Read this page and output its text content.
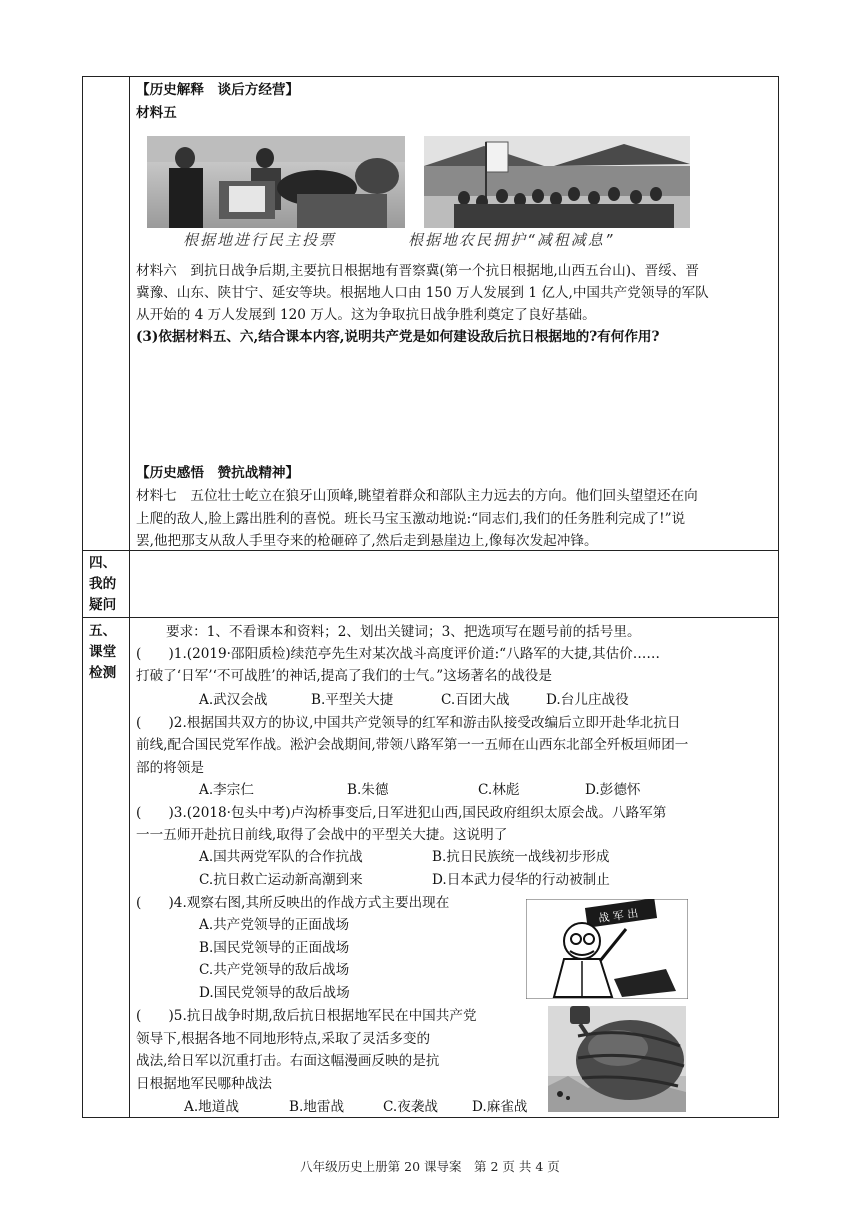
【历史解释　谈后方经营】
材料五
根据地进行民主投票	根据地农民拥护“减租减息”
材料六　到抗日战争后期,主要抗日根据地有晋察冀(第一个抗日根据地,山西五台山)、晋绥、晋
冀豫、山东、陕甘宁、延安等块。根据地人口由 150 万人发展到 1 亿人,中国共产党领导的军队
从开始的 4 万人发展到 120 万人。这为争取抗日战争胜利奠定了良好基础。
(3)依据材料五、六,结合课本内容,说明共产党是如何建设敌后抗日根据地的?有何作用?
【历史感悟　赞抗战精神】
材料七　五位壮士屹立在狼牙山顶峰,眺望着群众和部队主力远去的方向。他们回头望望还在向
上爬的敌人,脸上露出胜利的喜悦。班长马宝玉激动地说:“同志们,我们的任务胜利完成了!”说
罢,他把那支从敌人手里夺来的枪砸碎了,然后走到悬崖边上,像每次发起冲锋。
四、我的疑问
五、课堂检测
要求：1、不看课本和资料；2、划出关键词；3、把选项写在题号前的括号里。
(　　)1.(2019·邵阳质检)续范亭先生对某次战斗高度评价道:“八路军的大捷,其估价……
打破了‘日军’‘不可战胜’的神话,提高了我们的士气。”这场著名的战役是
A.武汉会战	B.平型关大捷	C.百团大战	D.台儿庄战役
(　　)2.根据国共双方的协议,中国共产党领导的红军和游击队接受改编后立即开赴华北抗日
前线,配合国民党军作战。淞沪会战期间,带领八路军第一一五师在山西东北部全歼板垣师团一
部的将领是
A.李宗仁	B.朱德	C.林彪	D.彭德怀
(　　)3.(2018·包头中考)卢沟桥事变后,日军进犯山西,国民政府组织太原会战。八路军第
一一五师开赴抗日前线,取得了会战中的平型关大捷。这说明了
A.国共两党军队的合作抗战	B.抗日民族统一战线初步形成
C.抗日救亡运动新高潮到来	D.日本武力侵华的行动被制止
(　　)4.观察右图,其所反映出的作战方式主要出现在
A.共产党领导的正面战场
B.国民党领导的正面战场
C.共产党领导的敌后战场
D.国民党领导的敌后战场
战 军 出
(　　)5.抗日战争时期,敌后抗日根据地军民在中国共产党
领导下,根据各地不同地形特点,采取了灵活多变的
战法,给日军以沉重打击。右面这幅漫画反映的是抗
日根据地军民哪种战法
A.地道战	B.地雷战	C.夜袭战 D.麻雀战
八年级历史上册第 20 课导案　第 2 页 共 4 页
